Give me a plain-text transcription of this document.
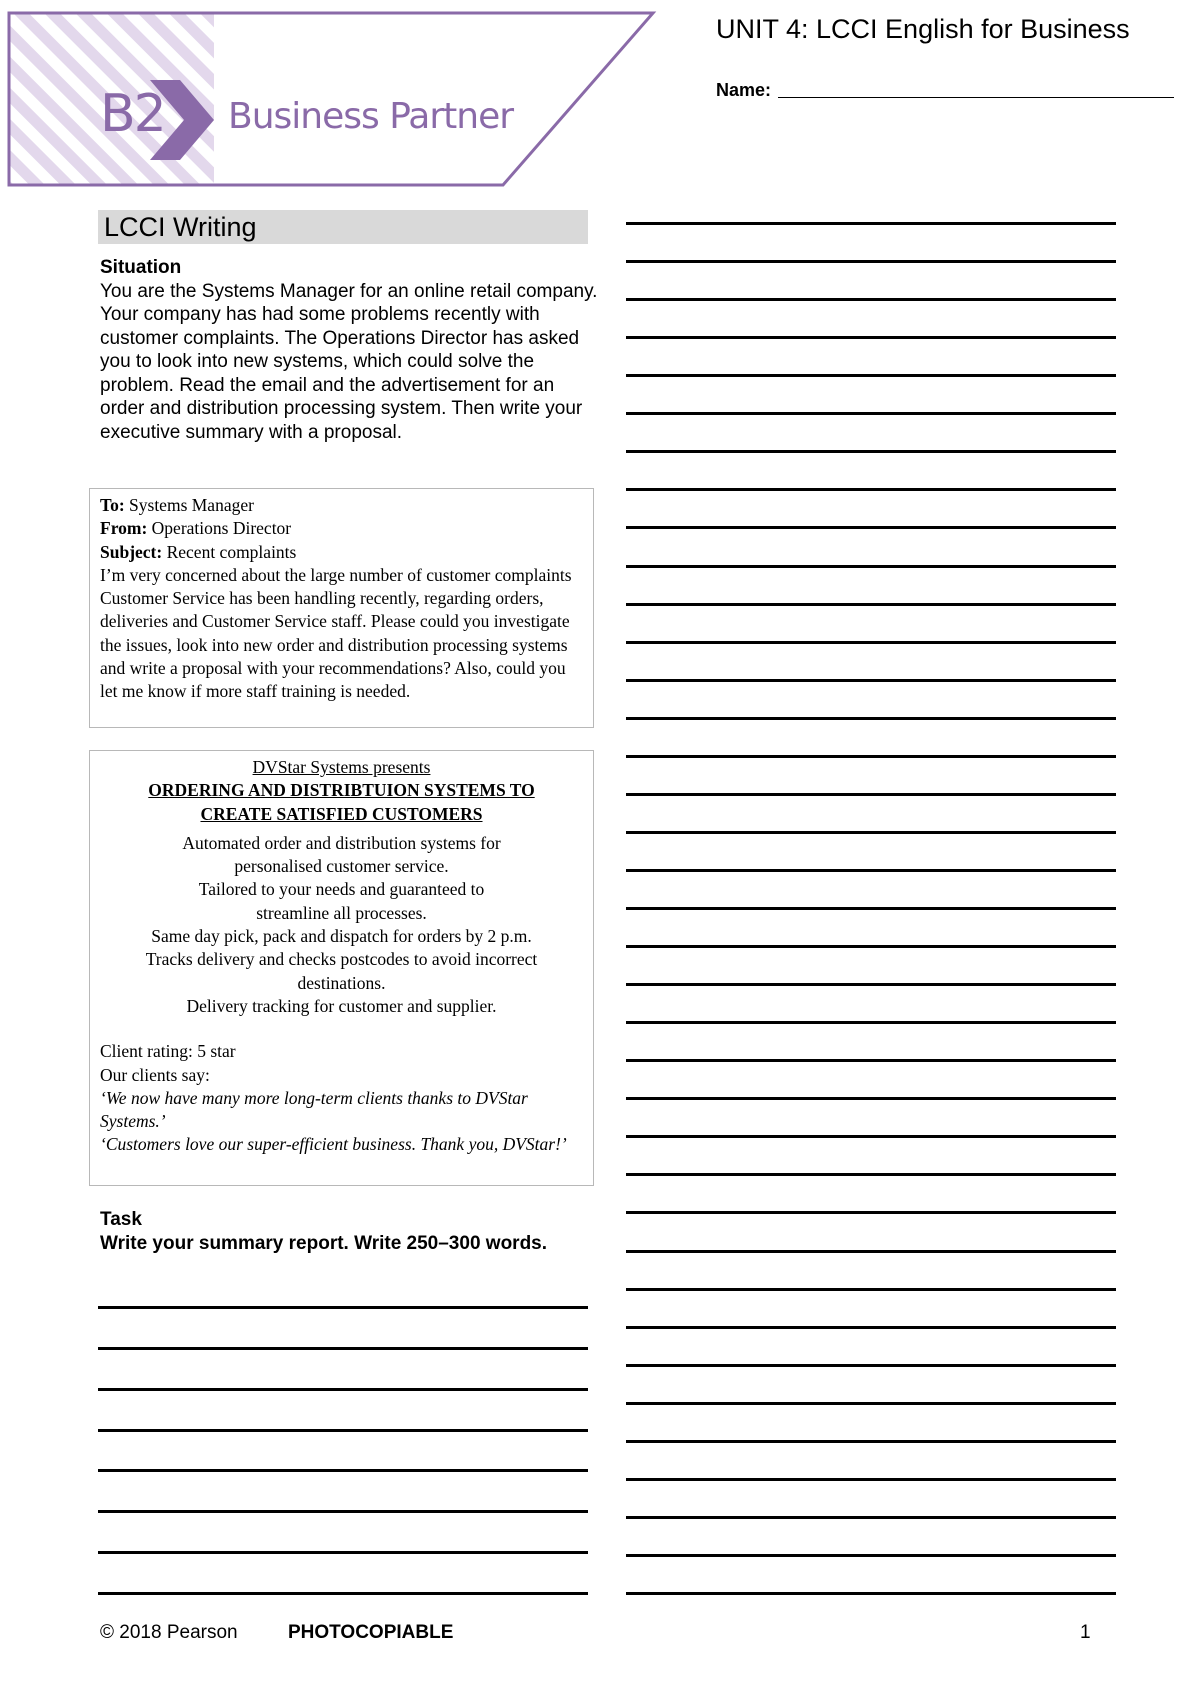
B2 Business Partner
UNIT 4: LCCI English for Business
Name:
LCCI Writing
Situation
You are the Systems Manager for an online retail company. Your company has had some problems recently with customer complaints. The Operations Director has asked you to look into new systems, which could solve the problem. Read the email and the advertisement for an order and distribution processing system. Then write your executive summary with a proposal.
To: Systems Manager
From: Operations Director
Subject: Recent complaints
I’m very concerned about the large number of customer complaints Customer Service has been handling recently, regarding orders, deliveries and Customer Service staff. Please could you investigate the issues, look into new order and distribution processing systems and write a proposal with your recommendations? Also, could you let me know if more staff training is needed.
DVStar Systems presents
ORDERING AND DISTRIBTUION SYSTEMS TO CREATE SATISFIED CUSTOMERS
Automated order and distribution systems for personalised customer service.
Tailored to your needs and guaranteed to streamline all processes.
Same day pick, pack and dispatch for orders by 2 p.m.
Tracks delivery and checks postcodes to avoid incorrect destinations.
Delivery tracking for customer and supplier.
Client rating: 5 star
Our clients say:
‘We now have many more long-term clients thanks to DVStar Systems.’
‘Customers love our super-efficient business. Thank you, DVStar!’
Task
Write your summary report. Write 250–300 words.
© 2018 Pearson	PHOTOCOPIABLE	1
